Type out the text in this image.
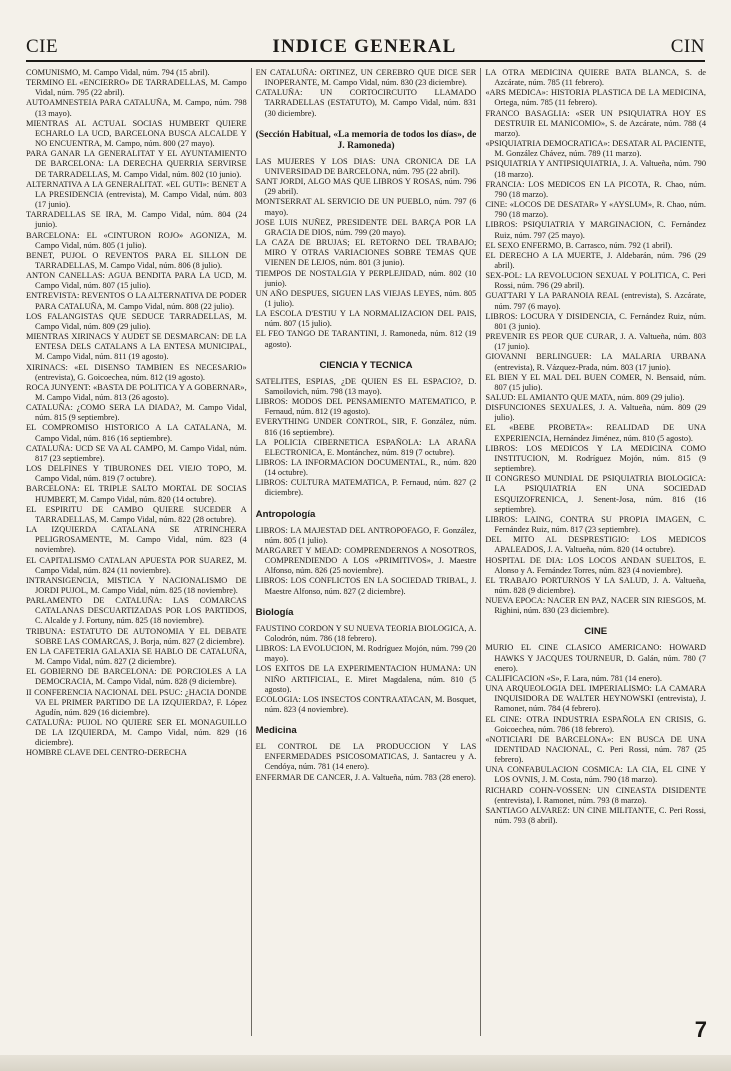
CIE	INDICE GENERAL	CIN

COMUNISMO, M. Campo Vidal, núm. 794 (15 abril).

TERMINO EL «ENCIERRO» DE TARRADELLAS, M. Campo Vidal, núm. 795 (22 abril).

AUTOAMNESTEIA PARA CATALUÑA, M. Campo, núm. 798 (13 mayo).

MIENTRAS AL ACTUAL SOCIAS HUMBERT QUIERE ECHARLO LA UCD, BARCELONA BUSCA ALCALDE Y NO ENCUENTRA, M. Campo, núm. 800 (27 mayo).

PARA GANAR LA GENERALITAT Y EL AYUNTAMIENTO DE BARCELONA: LA DERECHA QUERRIA SERVIRSE DE TARRADELLAS, M. Campo Vidal, núm. 802 (10 junio).

ALTERNATIVA A LA GENERALITAT. «EL GUTI»: BENET A LA PRESIDENCIA (entrevista), M. Campo Vidal, núm. 803 (17 junio).

TARRADELLAS SE IRA, M. Campo Vidal, núm. 804 (24 junio).

BARCELONA: EL «CINTURON ROJO» AGONIZA, M. Campo Vidal, núm. 805 (1 julio).

BENET, PUJOL O REVENTOS PARA EL SILLON DE TARRADELLAS, M. Campo Vidal, núm. 806 (8 julio).

ANTON CANELLAS: AGUA BENDITA PARA LA UCD, M. Campo Vidal, núm. 807 (15 julio).

ENTREVISTA: REVENTOS O LA ALTERNATIVA DE PODER PARA CATALUÑA, M. Campo Vidal, núm. 808 (22 julio).

LOS FALANGISTAS QUE SEDUCE TARRADELLAS, M. Campo Vidal, núm. 809 (29 julio).

MIENTRAS XIRINACS Y AUDET SE DESMARCAN: DE LA ENTESA DELS CATALANS A LA ENTESA MUNICIPAL, M. Campo Vidal, núm. 811 (19 agosto).

XIRINACS: «EL DISENSO TAMBIEN ES NECESARIO» (entrevista), G. Goicoechea, núm. 812 (19 agosto).

ROCA JUNYENT: «BASTA DE POLITICA Y A GOBERNAR», M. Campo Vidal, núm. 813 (26 agosto).

CATALUÑA: ¿COMO SERA LA DIADA?, M. Campo Vidal, núm. 815 (9 septiembre).

EL COMPROMISO HISTORICO A LA CATALANA, M. Campo Vidal, núm. 816 (16 septiembre).

CATALUÑA: UCD SE VA AL CAMPO, M. Campo Vidal, núm. 817 (23 septiembre).

LOS DELFINES Y TIBURONES DEL VIEJO TOPO, M. Campo Vidal, núm. 819 (7 octubre).

BARCELONA: EL TRIPLE SALTO MORTAL DE SOCIAS HUMBERT, M. Campo Vidal, núm. 820 (14 octubre).

EL ESPIRITU DE CAMBO QUIERE SUCEDER A TARRADELLAS, M. Campo Vidal, núm. 822 (28 octubre).

LA IZQUIERDA CATALANA SE ATRINCHERA PELIGROSAMENTE, M. Campo Vidal, núm. 823 (4 noviembre).

EL CAPITALISMO CATALAN APUESTA POR SUAREZ, M. Campo Vidal, núm. 824 (11 noviembre).

INTRANSIGENCIA, MISTICA Y NACIONALISMO DE JORDI PUJOL, M. Campo Vidal, núm. 825 (18 noviembre).

PARLAMENTO DE CATALUÑA: LAS COMARCAS CATALANAS DESCUARTIZADAS POR LOS PARTIDOS, C. Alcalde y J. Fortuny, núm. 825 (18 noviembre).

TRIBUNA: ESTATUTO DE AUTONOMIA Y EL DEBATE SOBRE LAS COMARCAS, J. Borja, núm. 827 (2 diciembre).

EN LA CAFETERIA GALAXIA SE HABLO DE CATALUÑA, M. Campo Vidal, núm. 827 (2 diciembre).

EL GOBIERNO DE BARCELONA: DE PORCIOLES A LA DEMOCRACIA, M. Campo Vidal, núm. 828 (9 diciembre).

II CONFERENCIA NACIONAL DEL PSUC: ¿HACIA DONDE VA EL PRIMER PARTIDO DE LA IZQUIERDA?, F. López Agudín, núm. 829 (16 diciembre).

CATALUÑA: PUJOL NO QUIERE SER EL MONAGUILLO DE LA IZQUIERDA, M. Campo Vidal, núm. 829 (16 diciembre).

HOMBRE CLAVE DEL CENTRO-DERECHA

EN CATALUÑA: ORTINEZ, UN CEREBRO QUE DICE SER INOPERANTE, M. Campo Vidal, núm. 830 (23 diciembre).

CATALUÑA: UN CORTOCIRCUITO LLAMADO TARRADELLAS (ESTATUTO), M. Campo Vidal, núm. 831 (30 diciembre).

(Sección Habitual, «La memoria de todos los días», de J. Ramoneda)

LAS MUJERES Y LOS DIAS: UNA CRONICA DE LA UNIVERSIDAD DE BARCELONA, núm. 795 (22 abril).

SANT JORDI, ALGO MAS QUE LIBROS Y ROSAS, núm. 796 (29 abril).

MONTSERRAT AL SERVICIO DE UN PUEBLO, núm. 797 (6 mayo).

JOSE LUIS NUÑEZ, PRESIDENTE DEL BARÇA POR LA GRACIA DE DIOS, núm. 799 (20 mayo).

LA CAZA DE BRUJAS; EL RETORNO DEL TRABAJO; MIRO Y OTRAS VARIACIONES SOBRE TEMAS QUE VIENEN DE LEJOS, núm. 801 (3 junio).

TIEMPOS DE NOSTALGIA Y PERPLEJIDAD, núm. 802 (10 junio).

UN AÑO DESPUES, SIGUEN LAS VIEJAS LEYES, núm. 805 (1 julio).

LA ESCOLA D'ESTIU Y LA NORMALIZACION DEL PAIS, núm. 807 (15 julio).

EL FEO TANGO DE TARANTINI, J. Ramoneda, núm. 812 (19 agosto).

CIENCIA Y TECNICA

SATELITES, ESPIAS, ¿DE QUIEN ES EL ESPACIO?, D. Samoilovich, núm. 798 (13 mayo).

LIBROS: MODOS DEL PENSAMIENTO MATEMATICO, P. Fernaud, núm. 812 (19 agosto).

EVERYTHING UNDER CONTROL, SIR, F. González, núm. 816 (16 septiembre).

LA POLICIA CIBERNETICA ESPAÑOLA: LA ARAÑA ELECTRONICA, E. Montánchez, núm. 819 (7 octubre).

LIBROS: LA INFORMACION DOCUMENTAL, R., núm. 820 (14 octubre).

LIBROS: CULTURA MATEMATICA, P. Fernaud, núm. 827 (2 diciembre).

Antropología

LIBROS: LA MAJESTAD DEL ANTROPOFAGO, F. González, núm. 805 (1 julio).

MARGARET Y MEAD: COMPRENDERNOS A NOSOTROS, COMPRENDIENDO A LOS «PRIMITIVOS», J. Maestre Alfonso, núm. 826 (25 noviembre).

LIBROS: LOS CONFLICTOS EN LA SOCIEDAD TRIBAL, J. Maestre Alfonso, núm. 827 (2 diciembre).

Biología

FAUSTINO CORDON Y SU NUEVA TEORIA BIOLOGICA, A. Colodrón, núm. 786 (18 febrero).

LIBROS: LA EVOLUCION, M. Rodríguez Mojón, núm. 799 (20 mayo).

LOS EXITOS DE LA EXPERIMENTACION HUMANA: UN NIÑO ARTIFICIAL, E. Miret Magdalena, núm. 810 (5 agosto).

ECOLOGIA: LOS INSECTOS CONTRAATACAN, M. Bosquet, núm. 823 (4 noviembre).

Medicina

EL CONTROL DE LA PRODUCCION Y LAS ENFERMEDADES PSICOSOMATICAS, J. Santacreu y A. Cendóya, núm. 781 (14 enero).

ENFERMAR DE CANCER, J. A. Valtueña, núm. 783 (28 enero).

LA OTRA MEDICINA QUIERE BATA BLANCA, S. de Azcárate, núm. 785 (11 febrero).

«ARS MEDICA»: HISTORIA PLASTICA DE LA MEDICINA, Ortega, núm. 785 (11 febrero).

FRANCO BASAGLIA: «SER UN PSIQUIATRA HOY ES DESTRUIR EL MANICOMIO», S. de Azcárate, núm. 788 (4 marzo).

«PSIQUIATRIA DEMOCRATICA»: DESATAR AL PACIENTE, M. González Chávez, núm. 789 (11 marzo).

PSIQUIATRIA Y ANTIPSIQUIATRIA, J. A. Valtueña, núm. 790 (18 marzo).

FRANCIA: LOS MEDICOS EN LA PICOTA, R. Chao, núm. 790 (18 marzo).

CINE: «LOCOS DE DESATAR» Y «AYSLUM», R. Chao, núm. 790 (18 marzo).

LIBROS: PSIQUIATRIA Y MARGINACION, C. Fernández Ruiz, núm. 797 (25 mayo).

EL SEXO ENFERMO, B. Carrasco, núm. 792 (1 abril).

EL DERECHO A LA MUERTE, J. Aldebarán, núm. 796 (29 abril).

SEX-POL: LA REVOLUCION SEXUAL Y POLITICA, C. Peri Rossi, núm. 796 (29 abril).

GUATTARI Y LA PARANOIA REAL (entrevista), S. Azcárate, núm. 797 (6 mayo).

LIBROS: LOCURA Y DISIDENCIA, C. Fernández Ruiz, núm. 801 (3 junio).

PREVENIR ES PEOR QUE CURAR, J. A. Valtueña, núm. 803 (17 junio).

GIOVANNI BERLINGUER: LA MALARIA URBANA (entrevista), R. Vázquez-Prada, núm. 803 (17 junio).

EL BIEN Y EL MAL DEL BUEN COMER, N. Bensaid, núm. 807 (15 julio).

SALUD: EL AMIANTO QUE MATA, núm. 809 (29 julio).

DISFUNCIONES SEXUALES, J. A. Valtueña, núm. 809 (29 julio).

EL «BEBE PROBETA»: REALIDAD DE UNA EXPERIENCIA, Hernández Jiménez, núm. 810 (5 agosto).

LIBROS: LOS MEDICOS Y LA MEDICINA COMO INSTITUCION, M. Rodríguez Mojón, núm. 815 (9 septiembre).

II CONGRESO MUNDIAL DE PSIQUIATRIA BIOLOGICA: LA PSIQUIATRIA EN UNA SOCIEDAD ESQUIZOFRENICA, J. Senent-Josa, núm. 816 (16 septiembre).

LIBROS: LAING, CONTRA SU PROPIA IMAGEN, C. Fernández Ruiz, núm. 817 (23 septiembre).

DEL MITO AL DESPRESTIGIO: LOS MEDICOS APALEADOS, J. A. Valtueña, núm. 820 (14 octubre).

HOSPITAL DE DIA: LOS LOCOS ANDAN SUELTOS, E. Alonso y A. Fernández Torres, núm. 823 (4 noviembre).

EL TRABAJO PORTURNOS Y LA SALUD, J. A. Valtueña, núm. 828 (9 diciembre).

NUEVA EPOCA: NACER EN PAZ, NACER SIN RIESGOS, M. Righini, núm. 830 (23 diciembre).

CINE

MURIO EL CINE CLASICO AMERICANO: HOWARD HAWKS Y JACQUES TOURNEUR, D. Galán, núm. 780 (7 enero).

CALIFICACION «S», F. Lara, núm. 781 (14 enero).

UNA ARQUEOLOGIA DEL IMPERIALISMO: LA CAMARA INQUISIDORA DE WALTER HEYNOWSKI (entrevista), J. Ramonet, núm. 784 (4 febrero).

EL CINE: OTRA INDUSTRIA ESPAÑOLA EN CRISIS, G. Goicoechea, núm. 786 (18 febrero).

«NOTICIARI DE BARCELONA»: EN BUSCA DE UNA IDENTIDAD NACIONAL, C. Peri Rossi, núm. 787 (25 febrero).

UNA CONFABULACION COSMICA: LA CIA, EL CINE Y LOS OVNIS, J. M. Costa, núm. 790 (18 marzo).

RICHARD COHN-VOSSEN: UN CINEASTA DISIDENTE (entrevista), I. Ramonet, núm. 793 (8 marzo).

SANTIAGO ALVAREZ: UN CINE MILITANTE, C. Peri Rossi, núm. 793 (8 abril).

7
